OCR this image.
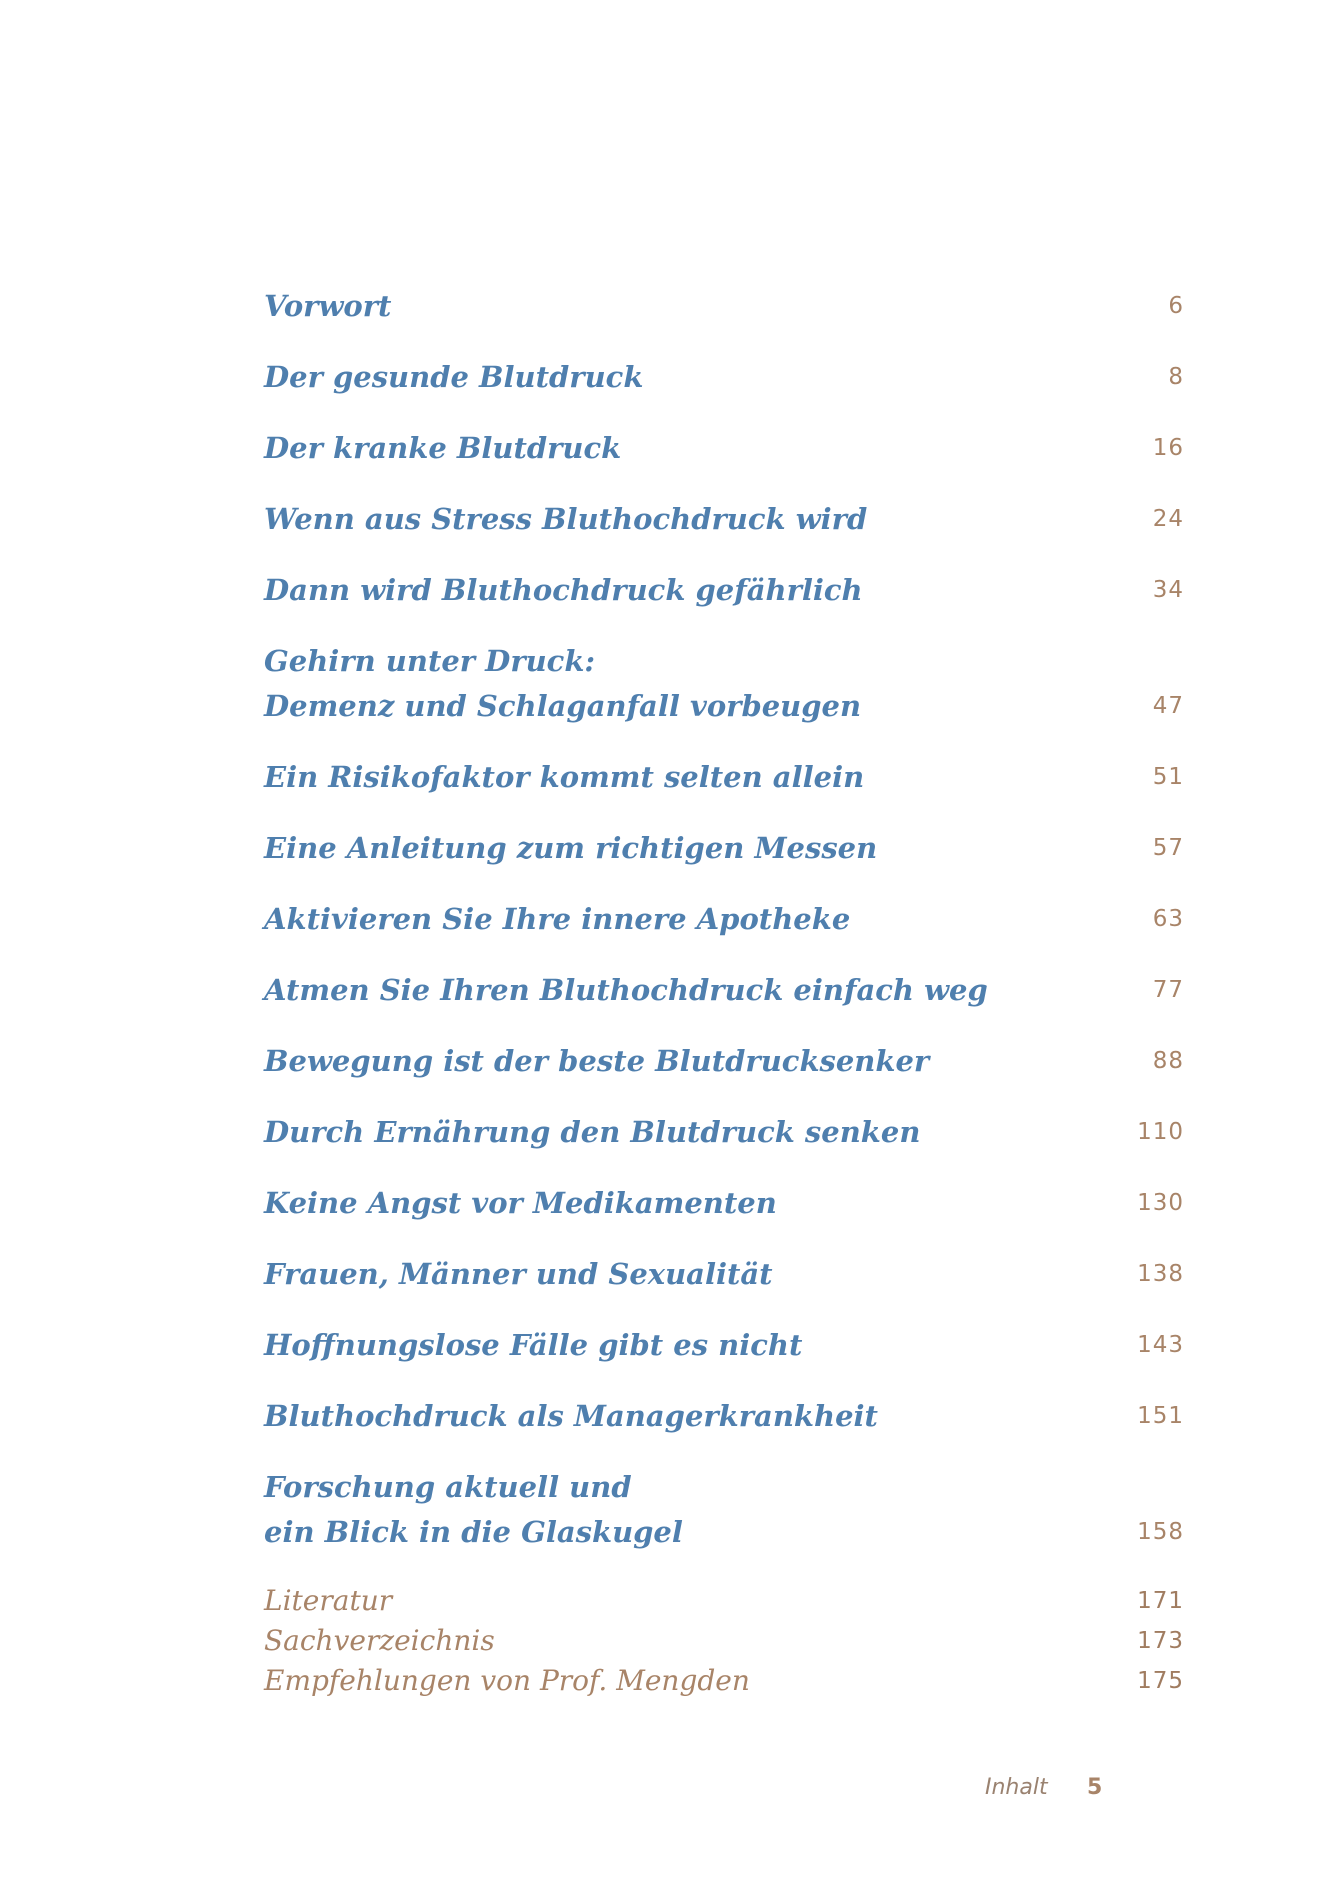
Vorwort	6
Der gesunde Blutdruck	8
Der kranke Blutdruck	16
Wenn aus Stress Bluthochdruck wird	24
Dann wird Bluthochdruck gefährlich	34
Gehirn unter Druck:
Demenz und Schlaganfall vorbeugen	47
Ein Risikofaktor kommt selten allein	51
Eine Anleitung zum richtigen Messen	57
Aktivieren Sie Ihre innere Apotheke	63
Atmen Sie Ihren Bluthochdruck einfach weg	77
Bewegung ist der beste Blutdrucksenker	88
Durch Ernährung den Blutdruck senken	110
Keine Angst vor Medikamenten	130
Frauen, Männer und Sexualität	138
Hoffnungslose Fälle gibt es nicht	143
Bluthochdruck als Managerkrankheit	151
Forschung aktuell und
ein Blick in die Glaskugel	158
Literatur	171
Sachverzeichnis	173
Empfehlungen von Prof. Mengden	175
Inhalt 5
